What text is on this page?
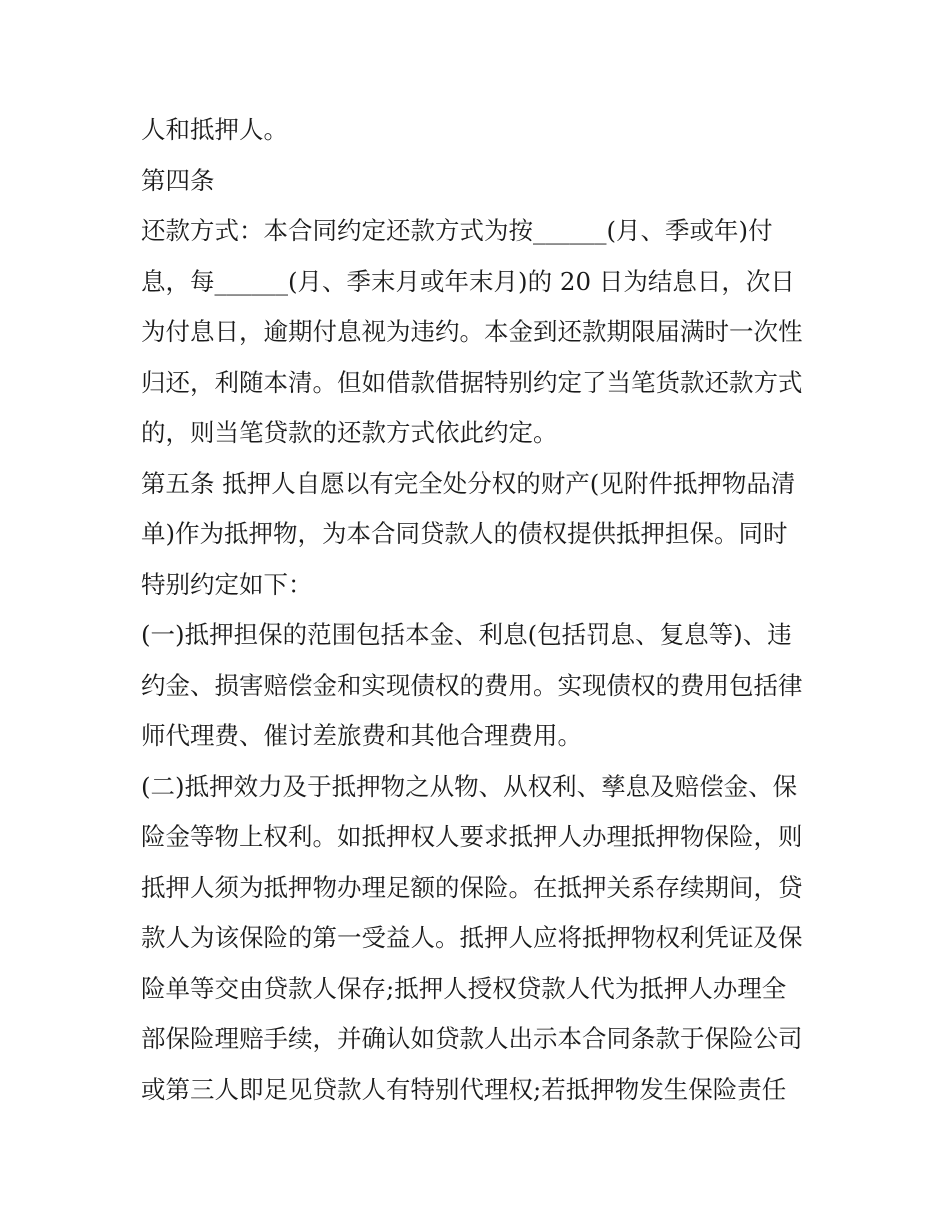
人和抵押人。
第四条
还款方式：本合同约定还款方式为按______(月、季或年)付
息，每______(月、季末月或年末月)的 20 日为结息日，次日
为付息日，逾期付息视为违约。本金到还款期限届满时一次性
归还，利随本清。但如借款借据特别约定了当笔货款还款方式
的，则当笔贷款的还款方式依此约定。
第五条 抵押人自愿以有完全处分权的财产(见附件抵押物品清
单)作为抵押物，为本合同贷款人的债权提供抵押担保。同时
特别约定如下：
(一)抵押担保的范围包括本金、利息(包括罚息、复息等)、违
约金、损害赔偿金和实现债权的费用。实现债权的费用包括律
师代理费、催讨差旅费和其他合理费用。
(二)抵押效力及于抵押物之从物、从权利、孳息及赔偿金、保
险金等物上权利。如抵押权人要求抵押人办理抵押物保险，则
抵押人须为抵押物办理足额的保险。在抵押关系存续期间，贷
款人为该保险的第一受益人。抵押人应将抵押物权利凭证及保
险单等交由贷款人保存;抵押人授权贷款人代为抵押人办理全
部保险理赔手续，并确认如贷款人出示本合同条款于保险公司
或第三人即足见贷款人有特别代理权;若抵押物发生保险责任
